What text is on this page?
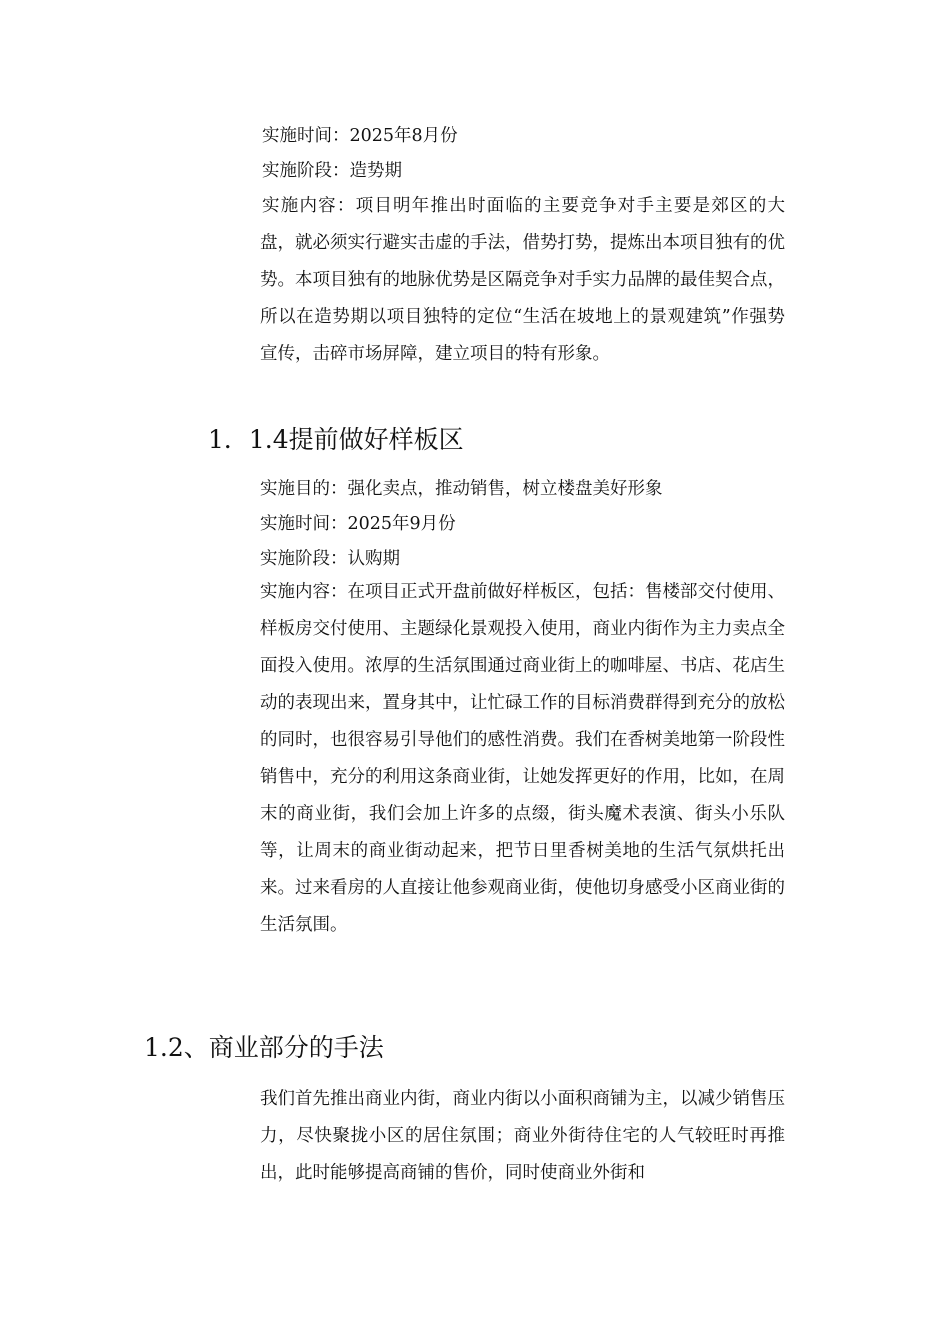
实施时间：2025年8月份

实施阶段：造势期

实施内容：项目明年推出时面临的主要竞争对手主要是郊区的大盘，就必须实行避实击虚的手法，借势打势，提炼出本项目独有的优势。本项目独有的地脉优势是区隔竞争对手实力品牌的最佳契合点，所以在造势期以项目独特的定位“生活在坡地上的景观建筑”作强势宣传，击碎市场屏障，建立项目的特有形象。

1．1.4提前做好样板区

实施目的：强化卖点，推动销售，树立楼盘美好形象

实施时间：2025年9月份

实施阶段：认购期

实施内容：在项目正式开盘前做好样板区，包括：售楼部交付使用、样板房交付使用、主题绿化景观投入使用，商业内街作为主力卖点全面投入使用。浓厚的生活氛围通过商业街上的咖啡屋、书店、花店生动的表现出来，置身其中，让忙碌工作的目标消费群得到充分的放松的同时，也很容易引导他们的感性消费。我们在香树美地第一阶段性销售中，充分的利用这条商业街，让她发挥更好的作用，比如，在周末的商业街，我们会加上许多的点缀，街头魔术表演、街头小乐队等，让周末的商业街动起来，把节日里香树美地的生活气氛烘托出来。过来看房的人直接让他参观商业街，使他切身感受小区商业街的生活氛围。

1.2、商业部分的手法

我们首先推出商业内街，商业内街以小面积商铺为主，以减少销售压力，尽快聚拢小区的居住氛围；商业外街待住宅的人气较旺时再推出，此时能够提高商铺的售价，同时使商业外街和
